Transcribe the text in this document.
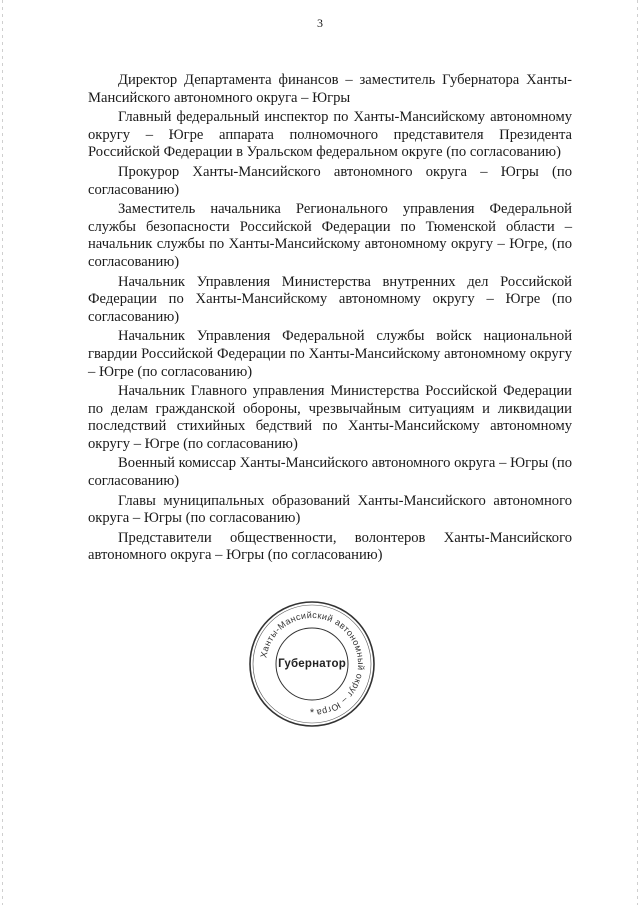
3

Директор Департамента финансов – заместитель Губернатора Ханты-Мансийского автономного округа – Югры

Главный федеральный инспектор по Ханты-Мансийскому автономному округу – Югре аппарата полномочного представителя Президента Российской Федерации в Уральском федеральном округе (по согласованию)

Прокурор Ханты-Мансийского автономного округа – Югры (по согласованию)

Заместитель начальника Регионального управления Федеральной службы безопасности Российской Федерации по Тюменской области – начальник службы по Ханты-Мансийскому автономному округу – Югре, (по согласованию)

Начальник Управления Министерства внутренних дел Российской Федерации по Ханты-Мансийскому автономному округу – Югре (по согласованию)

Начальник Управления Федеральной службы войск национальной гвардии Российской Федерации по Ханты-Мансийскому автономному округу – Югре (по согласованию)

Начальник Главного управления Министерства Российской Федерации по делам гражданской обороны, чрезвычайным ситуациям и ликвидации последствий стихийных бедствий по Ханты-Мансийскому автономному округу – Югре (по согласованию)

Военный комиссар Ханты-Мансийского автономного округа – Югры (по согласованию)

Главы муниципальных образований Ханты-Мансийского автономного округа – Югры (по согласованию)

Представители общественности, волонтеров Ханты-Мансийского автономного округа – Югры (по согласованию)

Ханты-Мансийский автономный округ – Югра
*
Губернатор
